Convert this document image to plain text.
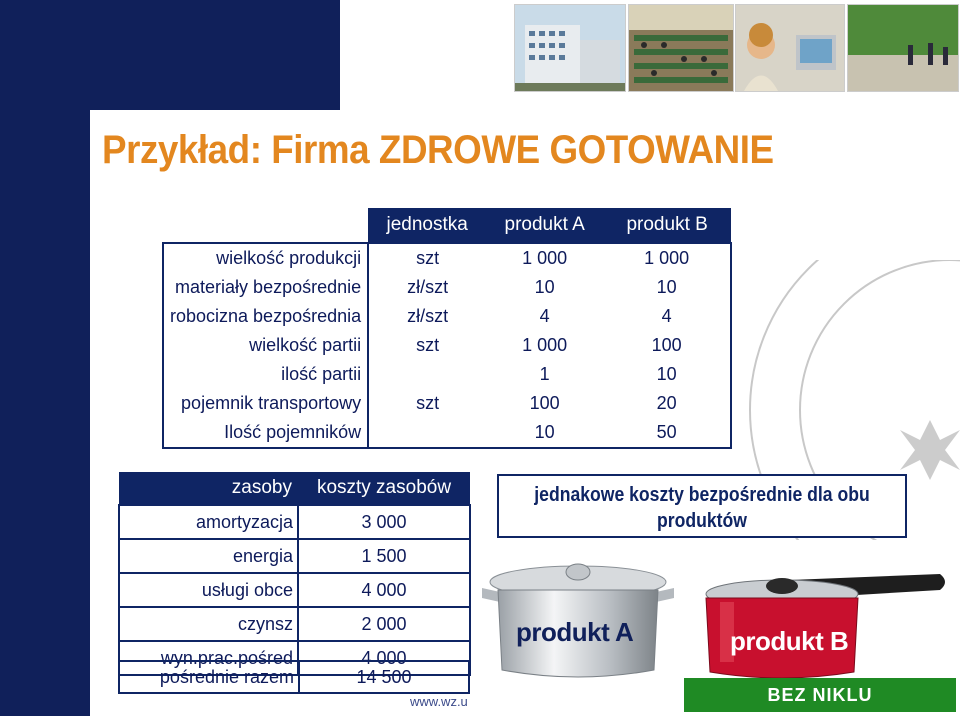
Przykład: Firma ZDROWE GOTOWANIE
	jednostka	produkt A	produkt B
wielkość produkcji	szt	1 000	1 000
materiały bezpośrednie	zł/szt	10	10
robocizna bezpośrednia	zł/szt	4	4
wielkość partii	szt	1 000	100
ilość partii		1	10
pojemnik transportowy	szt	100	20
Ilość pojemników		10	50
zasoby	koszty zasobów
amortyzacja	3 000
energia	1 500
usługi obce	4 000
czynsz	2 000
wyn.prac.pośred	4 000
pośrednie razem	14 500
jednakowe koszty bezpośrednie dla obu produktów
produkt A	produkt B
BEZ NIKLU
www.wz.u
